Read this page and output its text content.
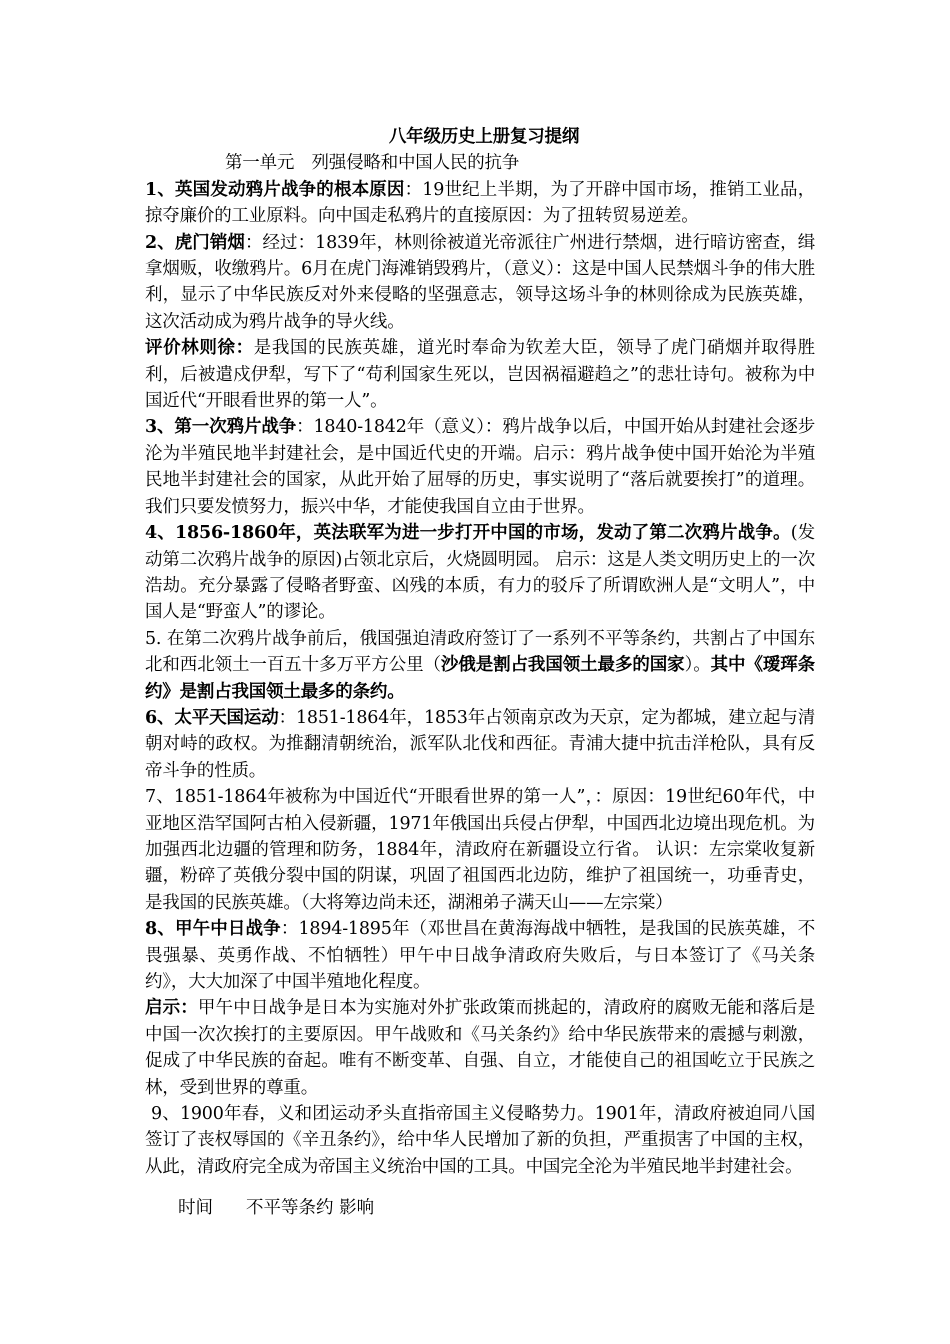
八年级历史上册复习提纲

第一单元　列强侵略和中国人民的抗争

1、英国发动鸦片战争的根本原因：19世纪上半期，为了开辟中国市场，推销工业品，掠夺廉价的工业原料。向中国走私鸦片的直接原因：为了扭转贸易逆差。

2、虎门销烟：经过：1839年，林则徐被道光帝派往广州进行禁烟，进行暗访密查，缉拿烟贩，收缴鸦片。6月在虎门海滩销毁鸦片，（意义）：这是中国人民禁烟斗争的伟大胜利，显示了中华民族反对外来侵略的坚强意志，领导这场斗争的林则徐成为民族英雄，这次活动成为鸦片战争的导火线。

评价林则徐：是我国的民族英雄，道光时奉命为钦差大臣，领导了虎门硝烟并取得胜利，后被遣戍伊犁，写下了“苟利国家生死以，岂因祸福避趋之”的悲壮诗句。被称为中国近代“开眼看世界的第一人”。

3、第一次鸦片战争：1840-1842年（意义）：鸦片战争以后，中国开始从封建社会逐步沦为半殖民地半封建社会，是中国近代史的开端。启示：鸦片战争使中国开始沦为半殖民地半封建社会的国家，从此开始了屈辱的历史，事实说明了“落后就要挨打”的道理。我们只要发愤努力，振兴中华，才能使我国自立由于世界。

4、1856-1860年，英法联军为进一步打开中国的市场，发动了第二次鸦片战争。(发动第二次鸦片战争的原因)占领北京后，火烧圆明园。 启示：这是人类文明历史上的一次浩劫。充分暴露了侵略者野蛮、凶残的本质，有力的驳斥了所谓欧洲人是“文明人”，中国人是“野蛮人”的谬论。

5. 在第二次鸦片战争前后，俄国强迫清政府签订了一系列不平等条约，共割占了中国东北和西北领土一百五十多万平方公里（沙俄是割占我国领土最多的国家）。其中《瑷珲条约》是割占我国领土最多的条约。

6、太平天国运动：1851-1864年，1853年占领南京改为天京，定为都城，建立起与清朝对峙的政权。为推翻清朝统治，派军队北伐和西征。青浦大捷中抗击洋枪队，具有反帝斗争的性质。

7、1851-1864年被称为中国近代“开眼看世界的第一人”，：原因：19世纪60年代，中亚地区浩罕国阿古柏入侵新疆，1971年俄国出兵侵占伊犁，中国西北边境出现危机。为加强西北边疆的管理和防务，1884年，清政府在新疆设立行省。 认识：左宗棠收复新疆，粉碎了英俄分裂中国的阴谋，巩固了祖国西北边防，维护了祖国统一，功垂青史，是我国的民族英雄。（大将筹边尚未还，湖湘弟子满天山——左宗棠）

8、甲午中日战争：1894-1895年（邓世昌在黄海海战中牺牲，是我国的民族英雄，不畏强暴、英勇作战、不怕牺牲）甲午中日战争清政府失败后，与日本签订了《马关条约》，大大加深了中国半殖地化程度。

启示：甲午中日战争是日本为实施对外扩张政策而挑起的，清政府的腐败无能和落后是中国一次次挨打的主要原因。甲午战败和《马关条约》给中华民族带来的震撼与刺激，促成了中华民族的奋起。唯有不断变革、自强、自立，才能使自己的祖国屹立于民族之林，受到世界的尊重。

9、1900年春，义和团运动矛头直指帝国主义侵略势力。1901年，清政府被迫同八国签订了丧权辱国的《辛丑条约》，给中华人民增加了新的负担，严重损害了中国的主权，从此，清政府完全成为帝国主义统治中国的工具。中国完全沦为半殖民地半封建社会。

时间 不平等条约 影响
